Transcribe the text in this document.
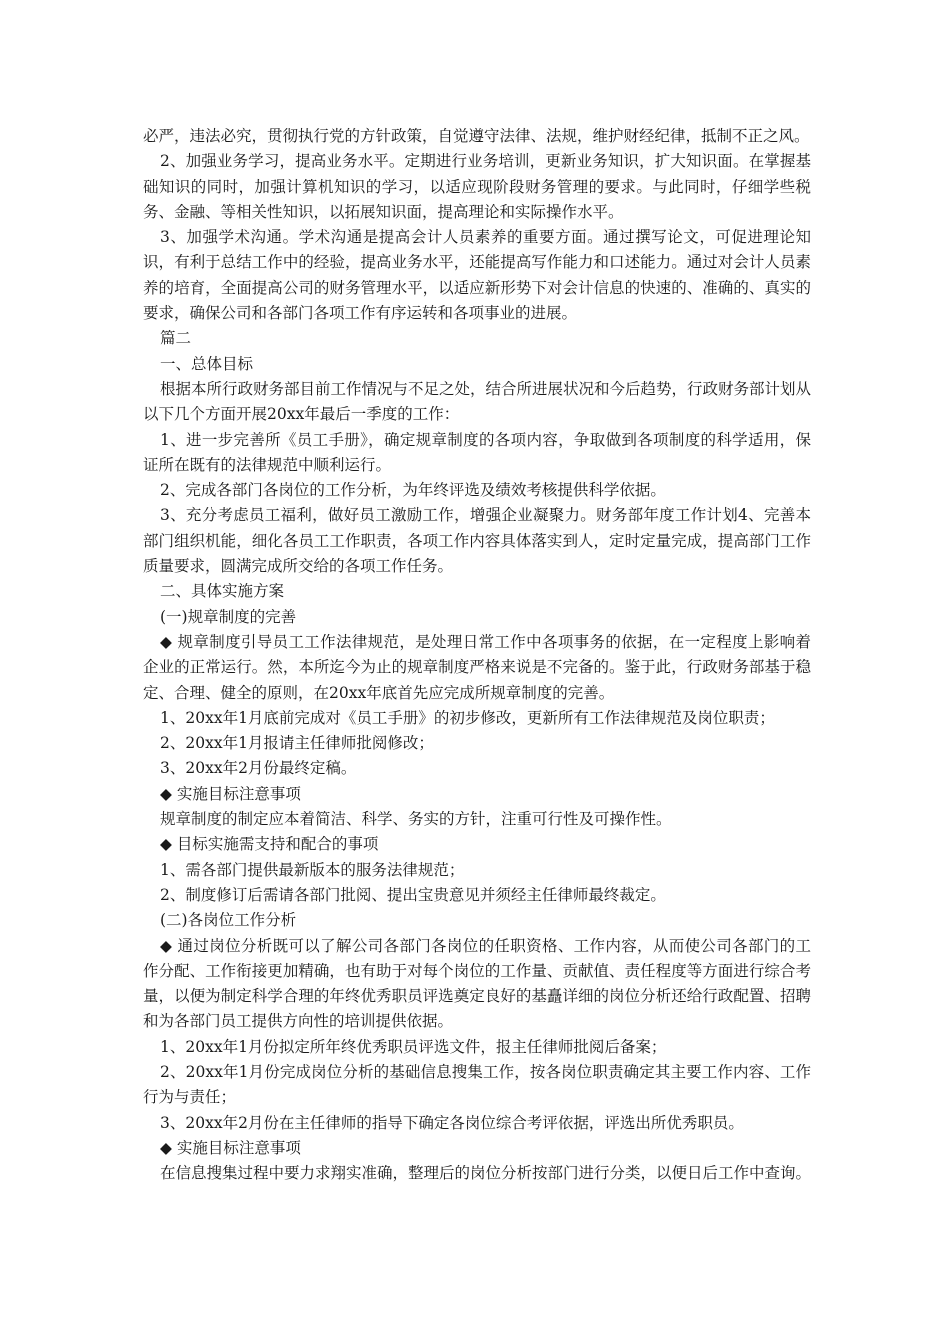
必严，违法必究，贯彻执行党的方针政策，自觉遵守法律、法规，维护财经纪律，抵制不正之风。

2、加强业务学习，提高业务水平。定期进行业务培训，更新业务知识，扩大知识面。在掌握基础知识的同时，加强计算机知识的学习，以适应现阶段财务管理的要求。与此同时，仔细学些税务、金融、等相关性知识，以拓展知识面，提高理论和实际操作水平。

3、加强学术沟通。学术沟通是提高会计人员素养的重要方面。通过撰写论文，可促进理论知识，有利于总结工作中的经验，提高业务水平，还能提高写作能力和口述能力。通过对会计人员素养的培育，全面提高公司的财务管理水平，以适应新形势下对会计信息的快速的、准确的、真实的要求，确保公司和各部门各项工作有序运转和各项事业的进展。

篇二

一、总体目标

根据本所行政财务部目前工作情况与不足之处，结合所进展状况和今后趋势，行政财务部计划从以下几个方面开展20xx年最后一季度的工作：

1、进一步完善所《员工手册》，确定规章制度的各项内容，争取做到各项制度的科学适用，保证所在既有的法律规范中顺利运行。

2、完成各部门各岗位的工作分析，为年终评选及绩效考核提供科学依据。

3、充分考虑员工福利，做好员工激励工作，增强企业凝聚力。财务部年度工作计划4、完善本部门组织机能，细化各员工工作职责，各项工作内容具体落实到人，定时定量完成，提高部门工作质量要求，圆满完成所交给的各项工作任务。

二、具体实施方案

(一)规章制度的完善

◆ 规章制度引导员工工作法律规范，是处理日常工作中各项事务的依据，在一定程度上影响着企业的正常运行。然，本所迄今为止的规章制度严格来说是不完备的。鉴于此，行政财务部基于稳定、合理、健全的原则，在20xx年底首先应完成所规章制度的完善。

1、20xx年1月底前完成对《员工手册》的初步修改，更新所有工作法律规范及岗位职责；

2、20xx年1月报请主任律师批阅修改；

3、20xx年2月份最终定稿。

◆ 实施目标注意事项

规章制度的制定应本着简洁、科学、务实的方针，注重可行性及可操作性。

◆ 目标实施需支持和配合的事项

1、需各部门提供最新版本的服务法律规范；

2、制度修订后需请各部门批阅、提出宝贵意见并须经主任律师最终裁定。

(二)各岗位工作分析

◆ 通过岗位分析既可以了解公司各部门各岗位的任职资格、工作内容，从而使公司各部门的工作分配、工作衔接更加精确，也有助于对每个岗位的工作量、贡献值、责任程度等方面进行综合考量，以便为制定科学合理的年终优秀职员评选奠定良好的基矗详细的岗位分析还给行政配置、招聘和为各部门员工提供方向性的培训提供依据。

1、20xx年1月份拟定所年终优秀职员评选文件，报主任律师批阅后备案；

2、20xx年1月份完成岗位分析的基础信息搜集工作，按各岗位职责确定其主要工作内容、工作行为与责任；

3、20xx年2月份在主任律师的指导下确定各岗位综合考评依据，评选出所优秀职员。

◆ 实施目标注意事项

在信息搜集过程中要力求翔实准确，整理后的岗位分析按部门进行分类，以便日后工作中查询。
